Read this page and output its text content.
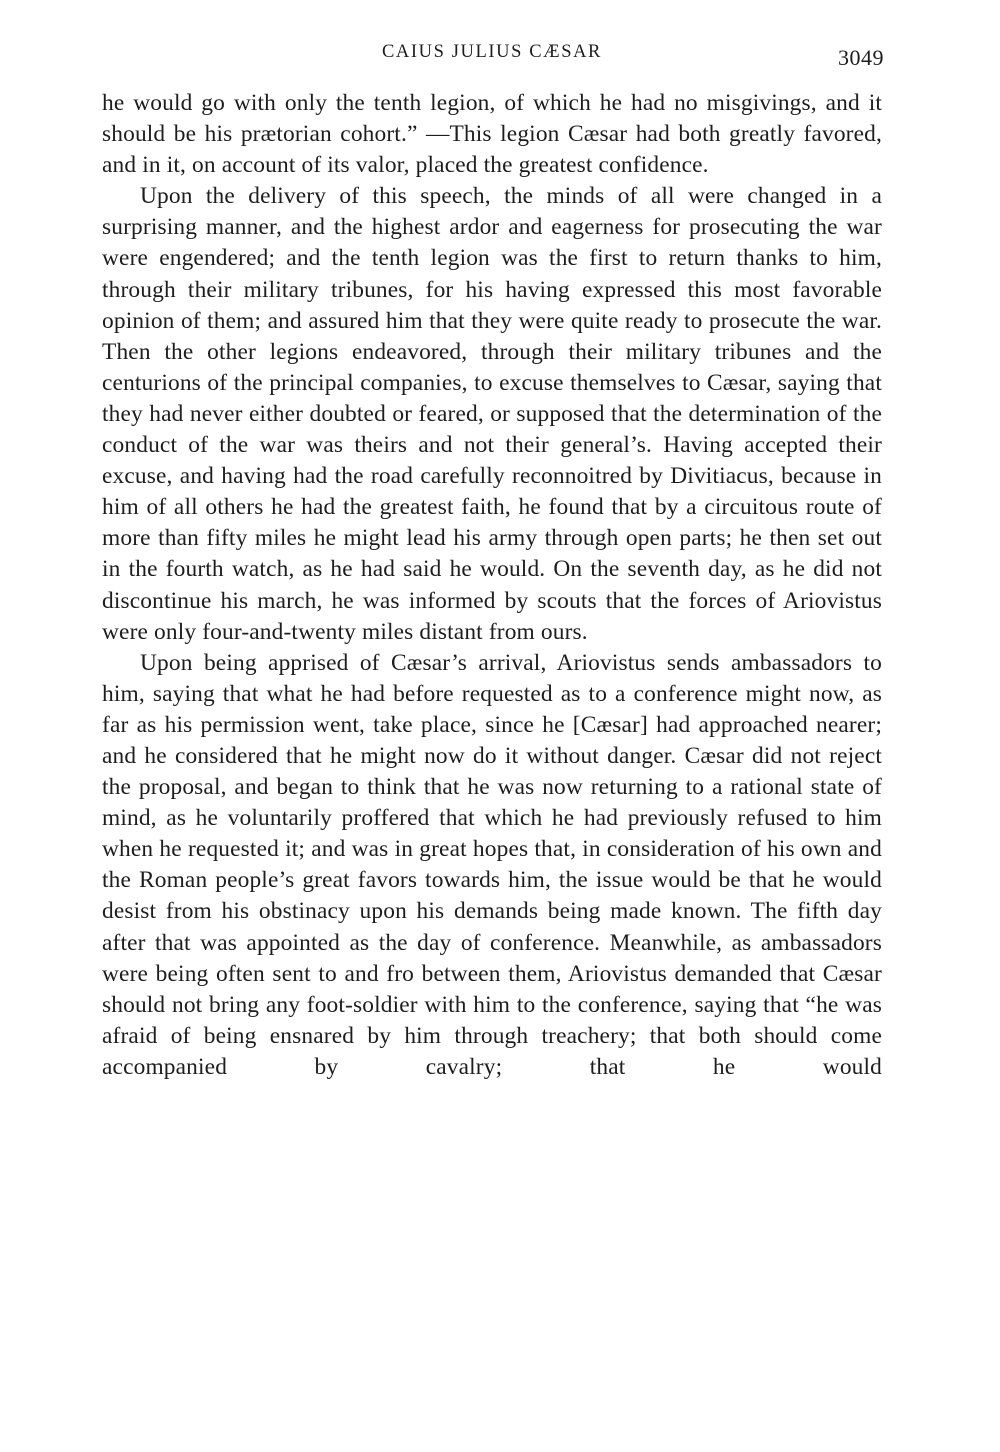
CAIUS JULIUS CÆSAR	3049

he would go with only the tenth legion, of which he had no misgivings, and it should be his prætorian cohort.” —This legion Cæsar had both greatly favored, and in it, on account of its valor, placed the greatest confidence.

Upon the delivery of this speech, the minds of all were changed in a surprising manner, and the highest ardor and eagerness for prosecuting the war were engendered; and the tenth legion was the first to return thanks to him, through their military tribunes, for his having expressed this most favorable opinion of them; and assured him that they were quite ready to prosecute the war. Then the other legions endeavored, through their military tribunes and the centurions of the principal companies, to excuse themselves to Cæsar, saying that they had never either doubted or feared, or supposed that the determination of the conduct of the war was theirs and not their general’s. Having accepted their excuse, and having had the road carefully reconnoitred by Divitiacus, because in him of all others he had the greatest faith, he found that by a circuitous route of more than fifty miles he might lead his army through open parts; he then set out in the fourth watch, as he had said he would. On the seventh day, as he did not discontinue his march, he was informed by scouts that the forces of Ariovistus were only four-and-twenty miles distant from ours.

Upon being apprised of Cæsar’s arrival, Ariovistus sends ambassadors to him, saying that what he had before requested as to a conference might now, as far as his permission went, take place, since he [Cæsar] had approached nearer; and he considered that he might now do it without danger. Cæsar did not reject the proposal, and began to think that he was now returning to a rational state of mind, as he voluntarily proffered that which he had previously refused to him when he requested it; and was in great hopes that, in consideration of his own and the Roman people’s great favors towards him, the issue would be that he would desist from his obstinacy upon his demands being made known. The fifth day after that was appointed as the day of conference. Meanwhile, as ambassadors were being often sent to and fro between them, Ariovistus demanded that Cæsar should not bring any foot-soldier with him to the conference, saying that “he was afraid of being ensnared by him through treachery; that both should come accompanied by cavalry; that he would
